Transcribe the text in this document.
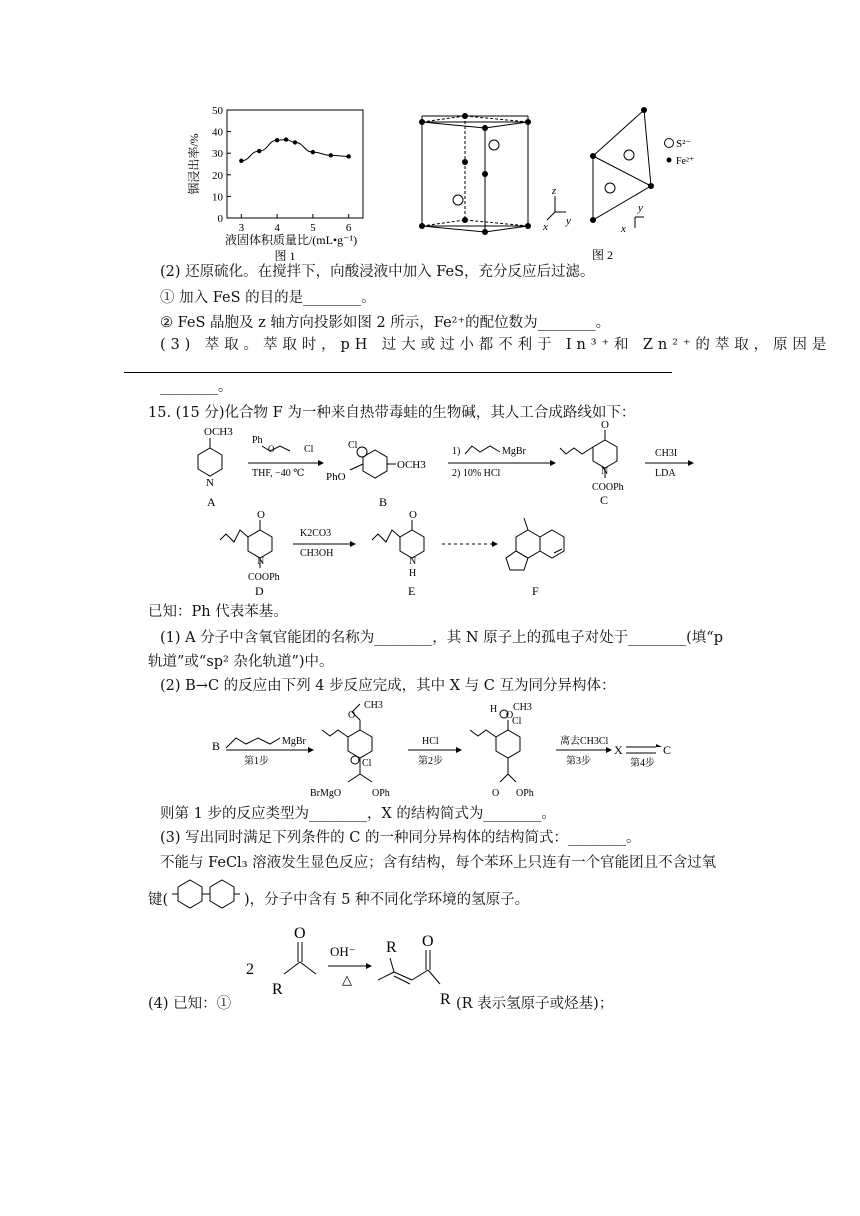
50
40
30
20
10
0
3	4	5	6
铟浸出率/%
液固体积质量比/(mL•g⁻¹)
图 1
z
x y
x
y
S²⁻
Fe²⁺
图 2
(2) 还原硫化。在搅拌下，向酸浸液中加入 FeS，充分反应后过滤。
① 加入 FeS 的目的是________。
② FeS 晶胞及 z 轴方向投影如图 2 所示，Fe²⁺的配位数为________。
(3) 萃取。萃取时，pH 过大或过小都不利于 In³⁺和 Zn²⁺的萃取，原因是
________。
15. (15 分)化合物 F 为一种来自热带毒蛙的生物碱，其人工合成路线如下：
OCH3
N
A
Ph
O	Cl
THF, −40 ℃
Cl
PhO
OCH3
B
1)	MgBr
2) 10% HCl
O
N
COOPh
C
CH3I
LDA
O
N
COOPh
D
K2CO3
CH3OH
O
N
H
E	F
已知：Ph 代表苯基。
(1) A 分子中含氧官能团的名称为________，其 N 原子上的孤电子对处于________(填“p
轨道”或“sp² 杂化轨道”)中。
(2) B→C 的反应由下列 4 步反应完成，其中 X 与 C 互为同分异构体：
B	MgBr
第1步
O
CH3
Cl
BrMgO	OPh
HCl
第2步
H
O
CH3
Cl
O OPh
离去CH3Cl
第3步
X	C
第4步
则第 1 步的反应类型为________，X 的结构简式为________。
(3) 写出同时满足下列条件的 C 的一种同分异构体的结构简式：________。
不能与 FeCl₃ 溶液发生显色反应；含有结构，每个苯环上只连有一个官能团且不含过氧
键(	)，分子中含有 5 种不同化学环境的氢原子。
2
O
R
OH⁻
△
R O
R
(4) 已知：①	(R 表示氢原子或烃基)；
